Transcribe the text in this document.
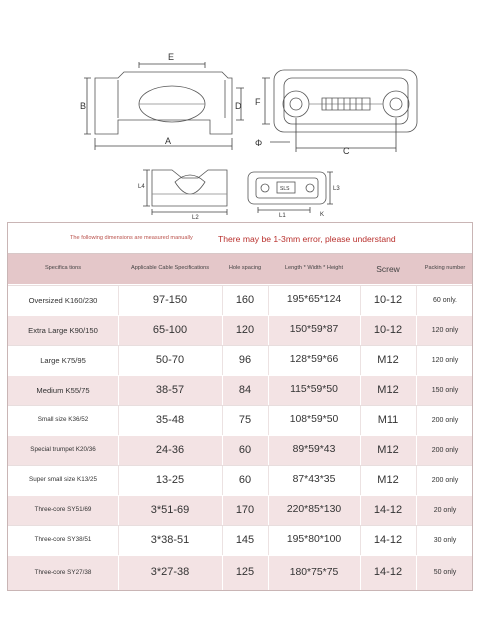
E
B	D
A
F
Φ
C
L4
L2
L3
L1	K
SLS
The following dimensions are measured manually	There may be 1-3mm error, please understand
Specifica tions	Applicable Cable Specifications	Hole spacing	Length * Width * Height	Screw	Packing number
Oversized K160/230	97-150	160	195*65*124	10-12	60 only.
Extra Large K90/150	65-100	120	150*59*87	10-12	120 only
Large K75/95	50-70	96	128*59*66	M12	120 only
Medium K55/75	38-57	84	115*59*50	M12	150 only
Small size K36/52	35-48	75	108*59*50	M11	200 only
Special trumpet K20/36	24-36	60	89*59*43	M12	200 only
Super small size K13/25	13-25	60	87*43*35	M12	200 only
Three-core SY51/69	3*51-69	170	220*85*130	14-12	20 only
Three-core SY38/51	3*38-51	145	195*80*100	14-12	30 only
Three-core SY27/38	3*27-38	125	180*75*75	14-12	50 only
